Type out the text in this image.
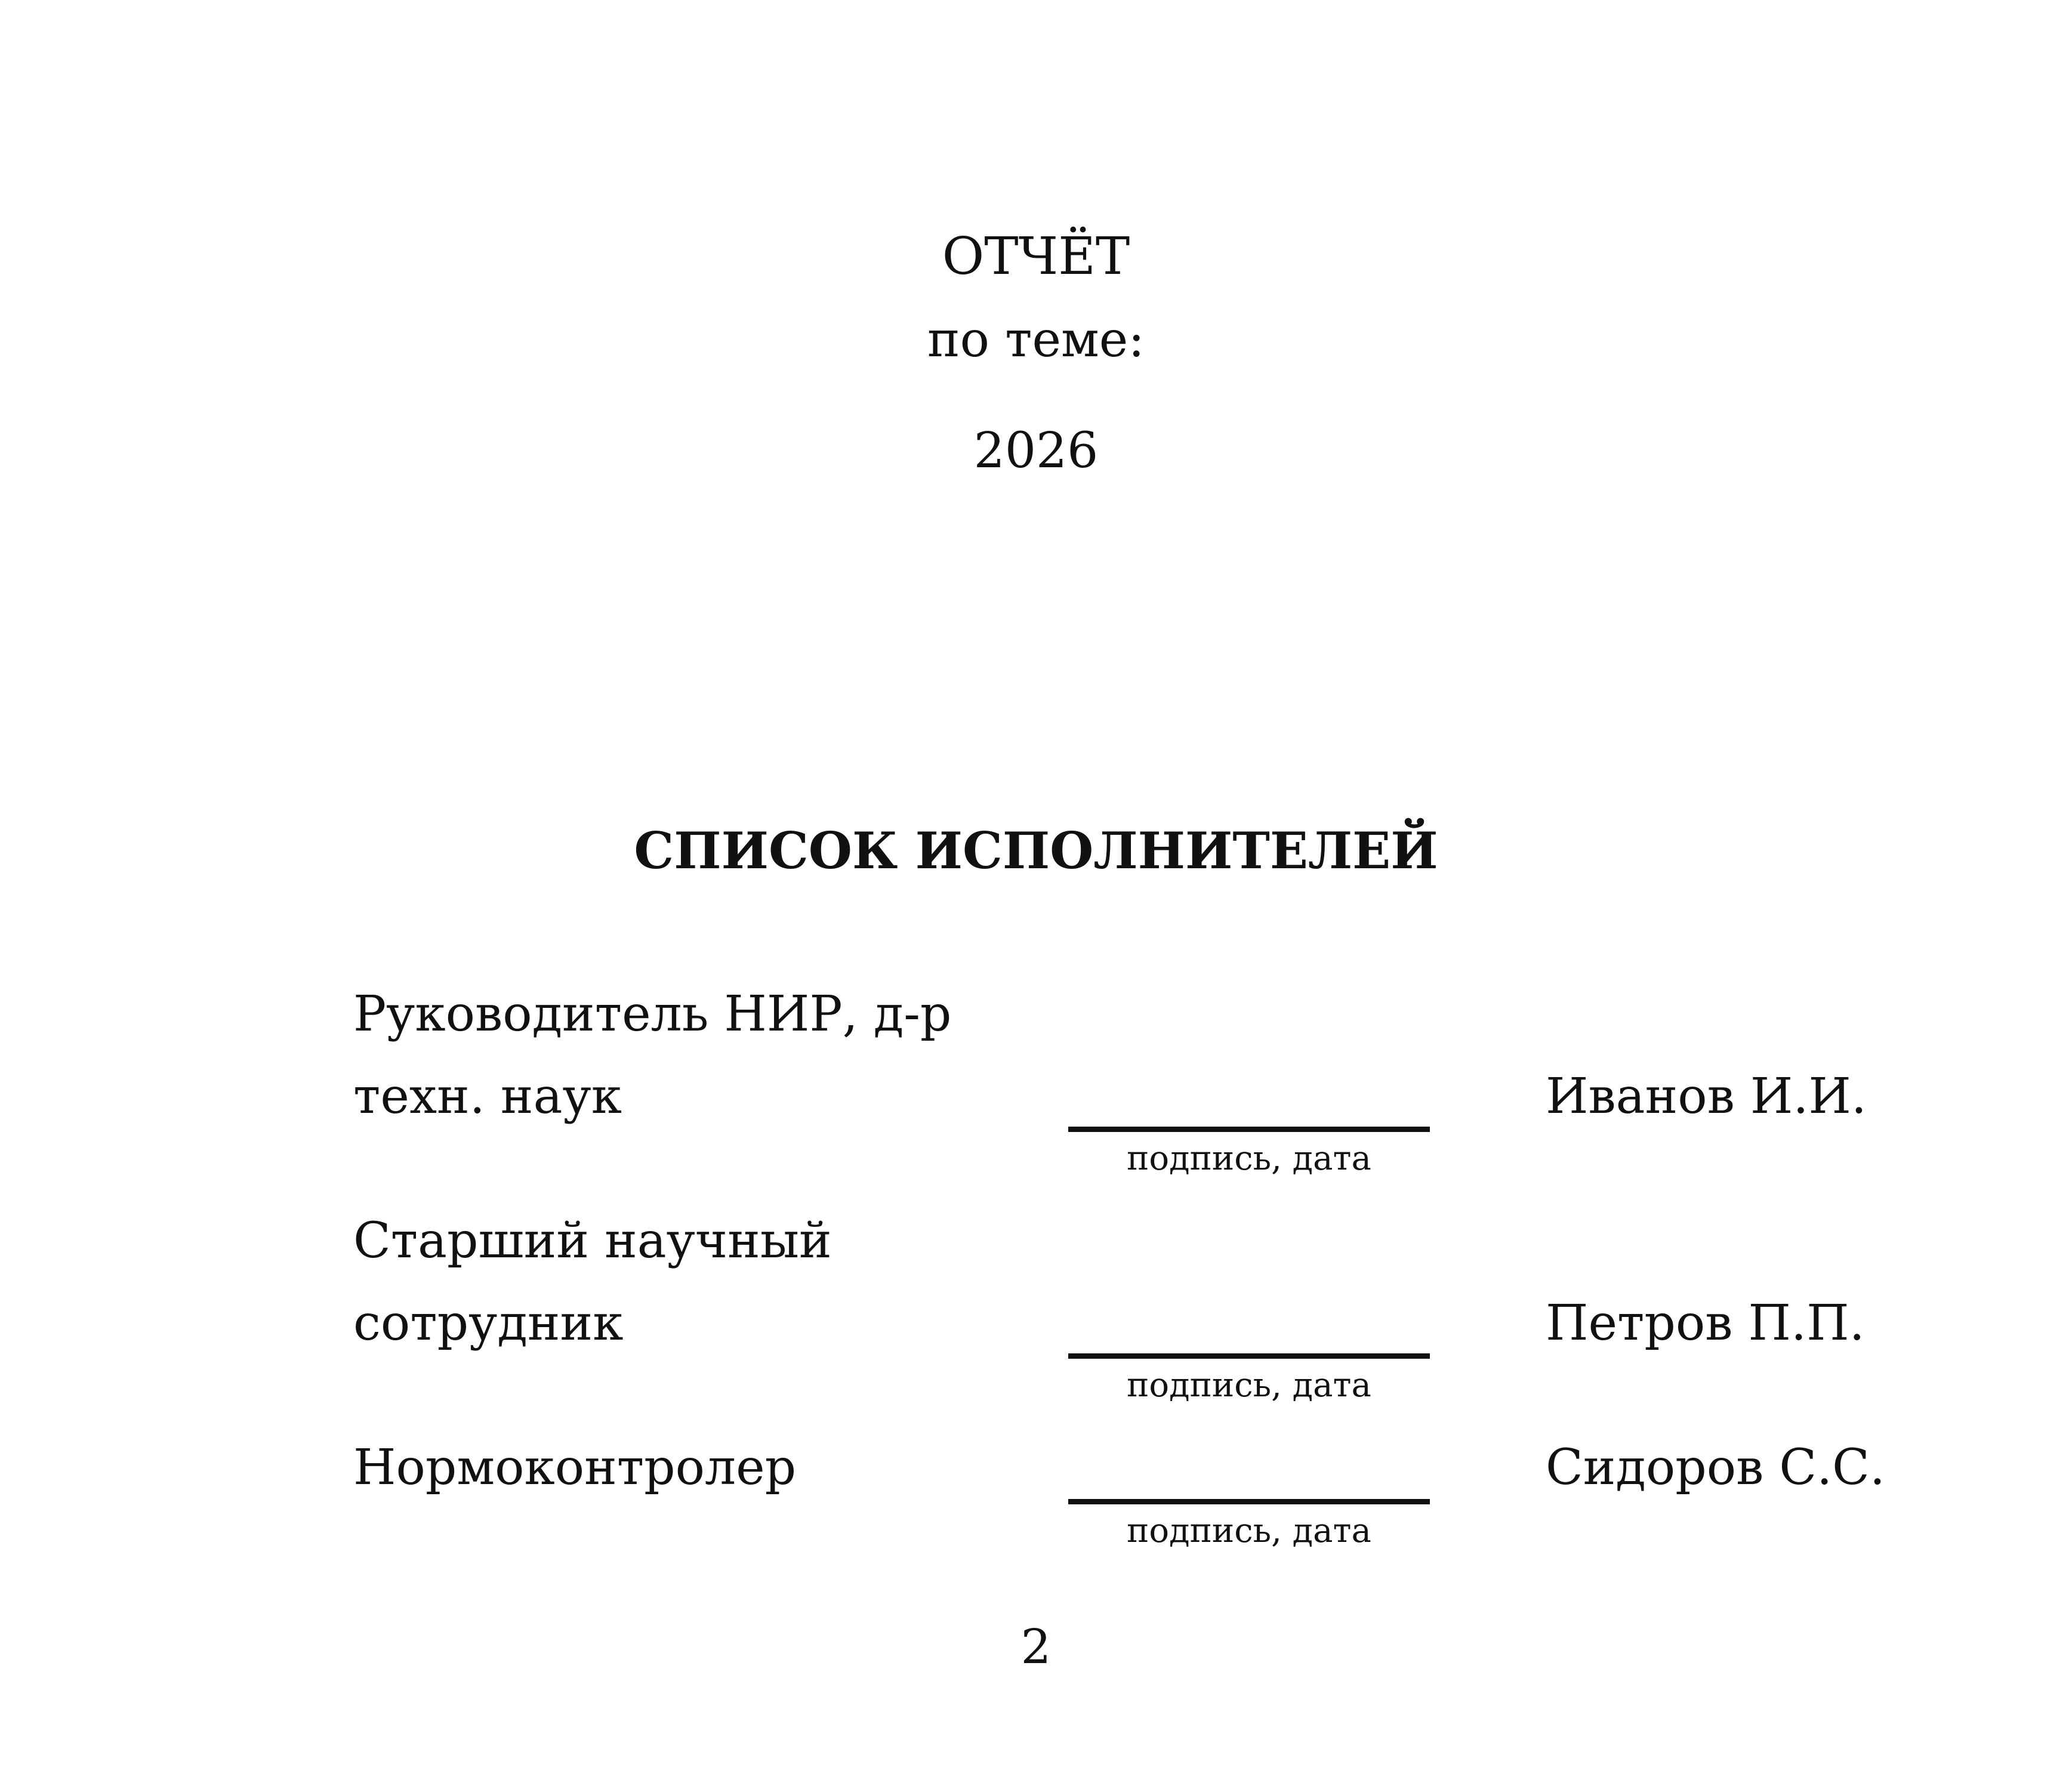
ОТЧЁТ
по теме:
2026
СПИСОК ИСПОЛНИТЕЛЕЙ
Руководитель НИР, д-р
техн. наук
подпись, дата
Иванов И.И.
Старший научный
сотрудник
подпись, дата
Петров П.П.
Нормоконтролер
подпись, дата
Сидоров С.С.
2
